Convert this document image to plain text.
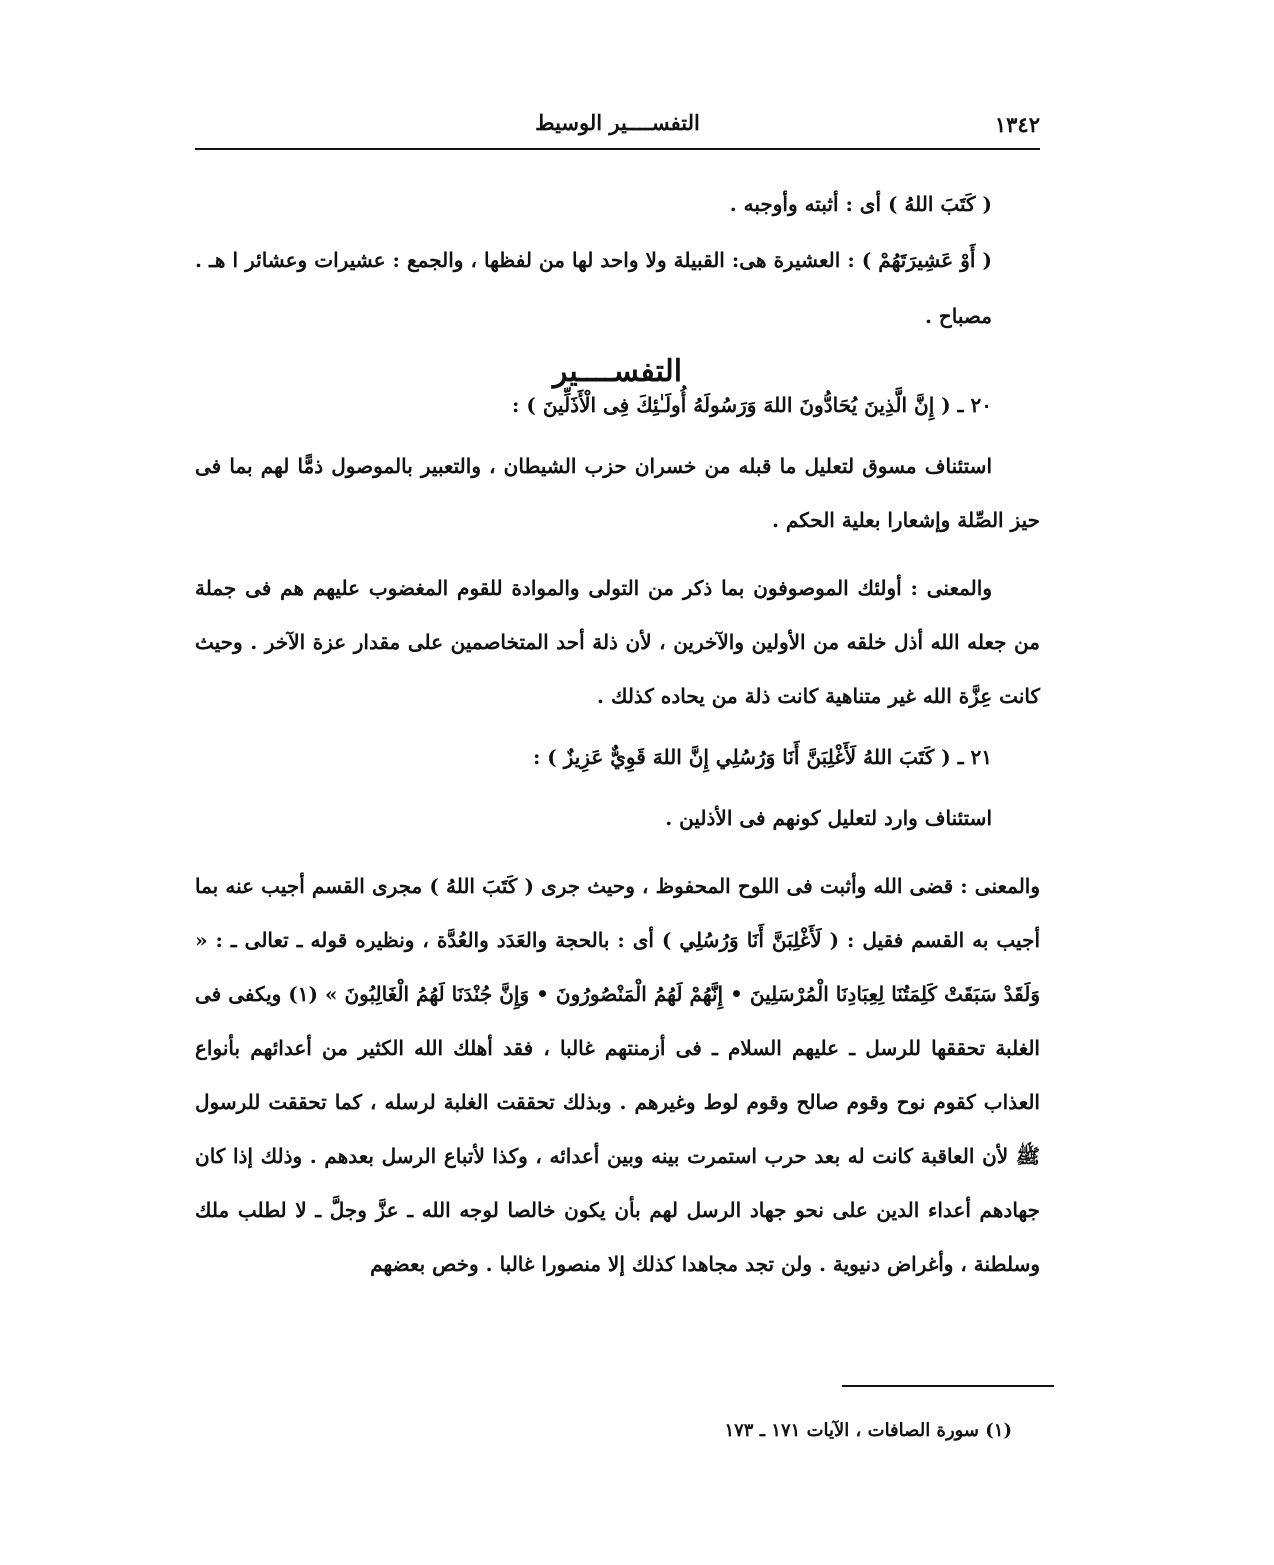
١٣٤٢
التفســــير الوسيط

( كَتَبَ اللهُ ) أى : أثبته وأوجبه .

( أَوْ عَشِيرَتَهُمْ ) : العشيرة هى: القبيلة ولا واحد لها من لفظها ، والجمع : عشيرات وعشائر ا هـ . مصباح .

التفســــير

٢٠ ـ ( إِنَّ الَّذِينَ يُحَادُّونَ اللهَ وَرَسُولَهُ أُولَـٰئِكَ فِى الْأَذَلِّينَ ) :

استئناف مسوق لتعليل ما قبله من خسران حزب الشيطان ، والتعبير بالموصول ذمًّا لهم بما فى حيز الصِّلة وإشعارا بعلية الحكم .

والمعنى : أولئك الموصوفون بما ذكر من التولى والموادة للقوم المغضوب عليهم هم فى جملة من جعله الله أذل خلقه من الأولين والآخرين ، لأن ذلة أحد المتخاصمين على مقدار عزة الآخر . وحيث كانت عِزَّة الله غير متناهية كانت ذلة من يحاده كذلك .

٢١ ـ ( كَتَبَ اللهُ لَأَغْلِبَنَّ أَنَا وَرُسُلِي إِنَّ اللهَ قَوِيٌّ عَزِيزٌ ) :

استئناف وارد لتعليل كونهم فى الأذلين .

والمعنى : قضى الله وأثبت فى اللوح المحفوظ ، وحيث جرى ( كَتَبَ اللهُ ) مجرى القسم أجيب عنه بما أجيب به القسم فقيل : ( لَأَغْلِبَنَّ أَنَا وَرُسُلِي ) أى : بالحجة والعَدَد والعُدَّة ، ونظيره قوله ـ تعالى ـ : « وَلَقَدْ سَبَقَتْ كَلِمَتُنَا لِعِبَادِنَا الْمُرْسَلِينَ • إِنَّهُمْ لَهُمُ الْمَنْصُورُونَ • وَإِنَّ جُنْدَنَا لَهُمُ الْغَالِبُونَ » (١) ويكفى فى الغلبة تحققها للرسل ـ عليهم السلام ـ فى أزمنتهم غالبا ، فقد أهلك الله الكثير من أعدائهم بأنواع العذاب كقوم نوح وقوم صالح وقوم لوط وغيرهم . وبذلك تحققت الغلبة لرسله ، كما تحققت للرسول ﷺ لأن العاقبة كانت له بعد حرب استمرت بينه وبين أعدائه ، وكذا لأتباع الرسل بعدهم . وذلك إذا كان جهادهم أعداء الدين على نحو جهاد الرسل لهم بأن يكون خالصا لوجه الله ـ عزَّ وجلَّ ـ لا لطلب ملك وسلطنة ، وأغراض دنيوية . ولن تجد مجاهدا كذلك إلا منصورا غالبا . وخص بعضهم

(١) سورة الصافات ، الآيات ١٧١ ـ ١٧٣
